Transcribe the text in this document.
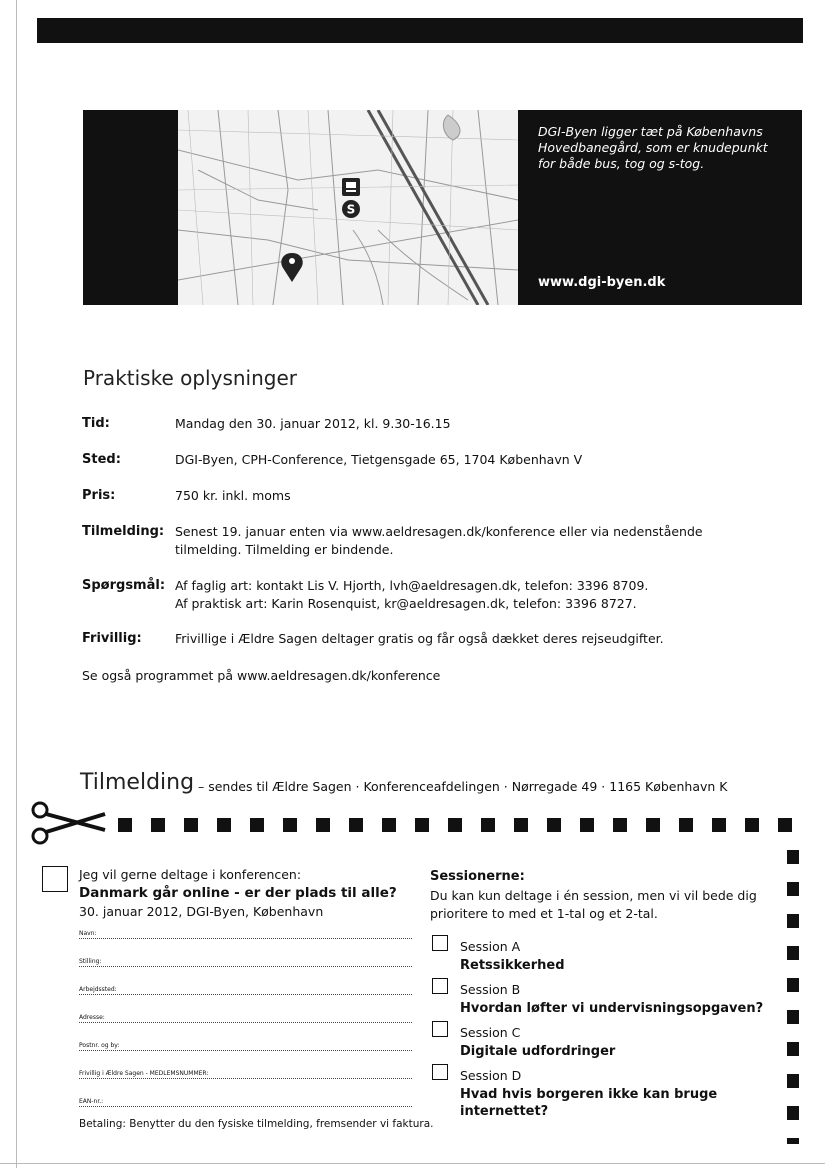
S
DGI-Byen ligger tæt på Københavns Hovedbanegård, som er knudepunkt for både bus, tog og s-tog.
www.dgi-byen.dk
Praktiske oplysninger
Tid:	Mandag den 30. januar 2012, kl. 9.30-16.15
Sted:	DGI-Byen, CPH-Conference, Tietgensgade 65, 1704 København V
Pris:	750 kr. inkl. moms
Tilmelding: Senest 19. januar enten via www.aeldresagen.dk/konference eller via nedenstående tilmelding. Tilmelding er bindende.
Spørgsmål: Af faglig art: kontakt Lis V. Hjorth, lvh@aeldresagen.dk, telefon: 3396 8709.
Af praktisk art: Karin Rosenquist, kr@aeldresagen.dk, telefon: 3396 8727.
Frivillig:	Frivillige i Ældre Sagen deltager gratis og får også dækket deres rejseudgifter.
Se også programmet på www.aeldresagen.dk/konference
Tilmelding – sendes til Ældre Sagen · Konferenceafdelingen · Nørregade 49 · 1165 København K
Jeg vil gerne deltage i konferencen:
Danmark går online - er der plads til alle?
30. januar 2012, DGI-Byen, København
Navn:
Stilling:
Arbejdssted:
Adresse:
Postnr. og by:
Frivillig i Ældre Sagen - MEDLEMSNUMMER:
EAN-nr.:
Betaling: Benytter du den fysiske tilmelding, fremsender vi faktura.
Sessionerne:
Du kan kun deltage i én session, men vi vil bede dig prioritere to med et 1-tal og et 2-tal.
Session A
Retssikkerhed
Session B
Hvordan løfter vi undervisningsopgaven?
Session C
Digitale udfordringer
Session D
Hvad hvis borgeren ikke kan bruge internettet?
